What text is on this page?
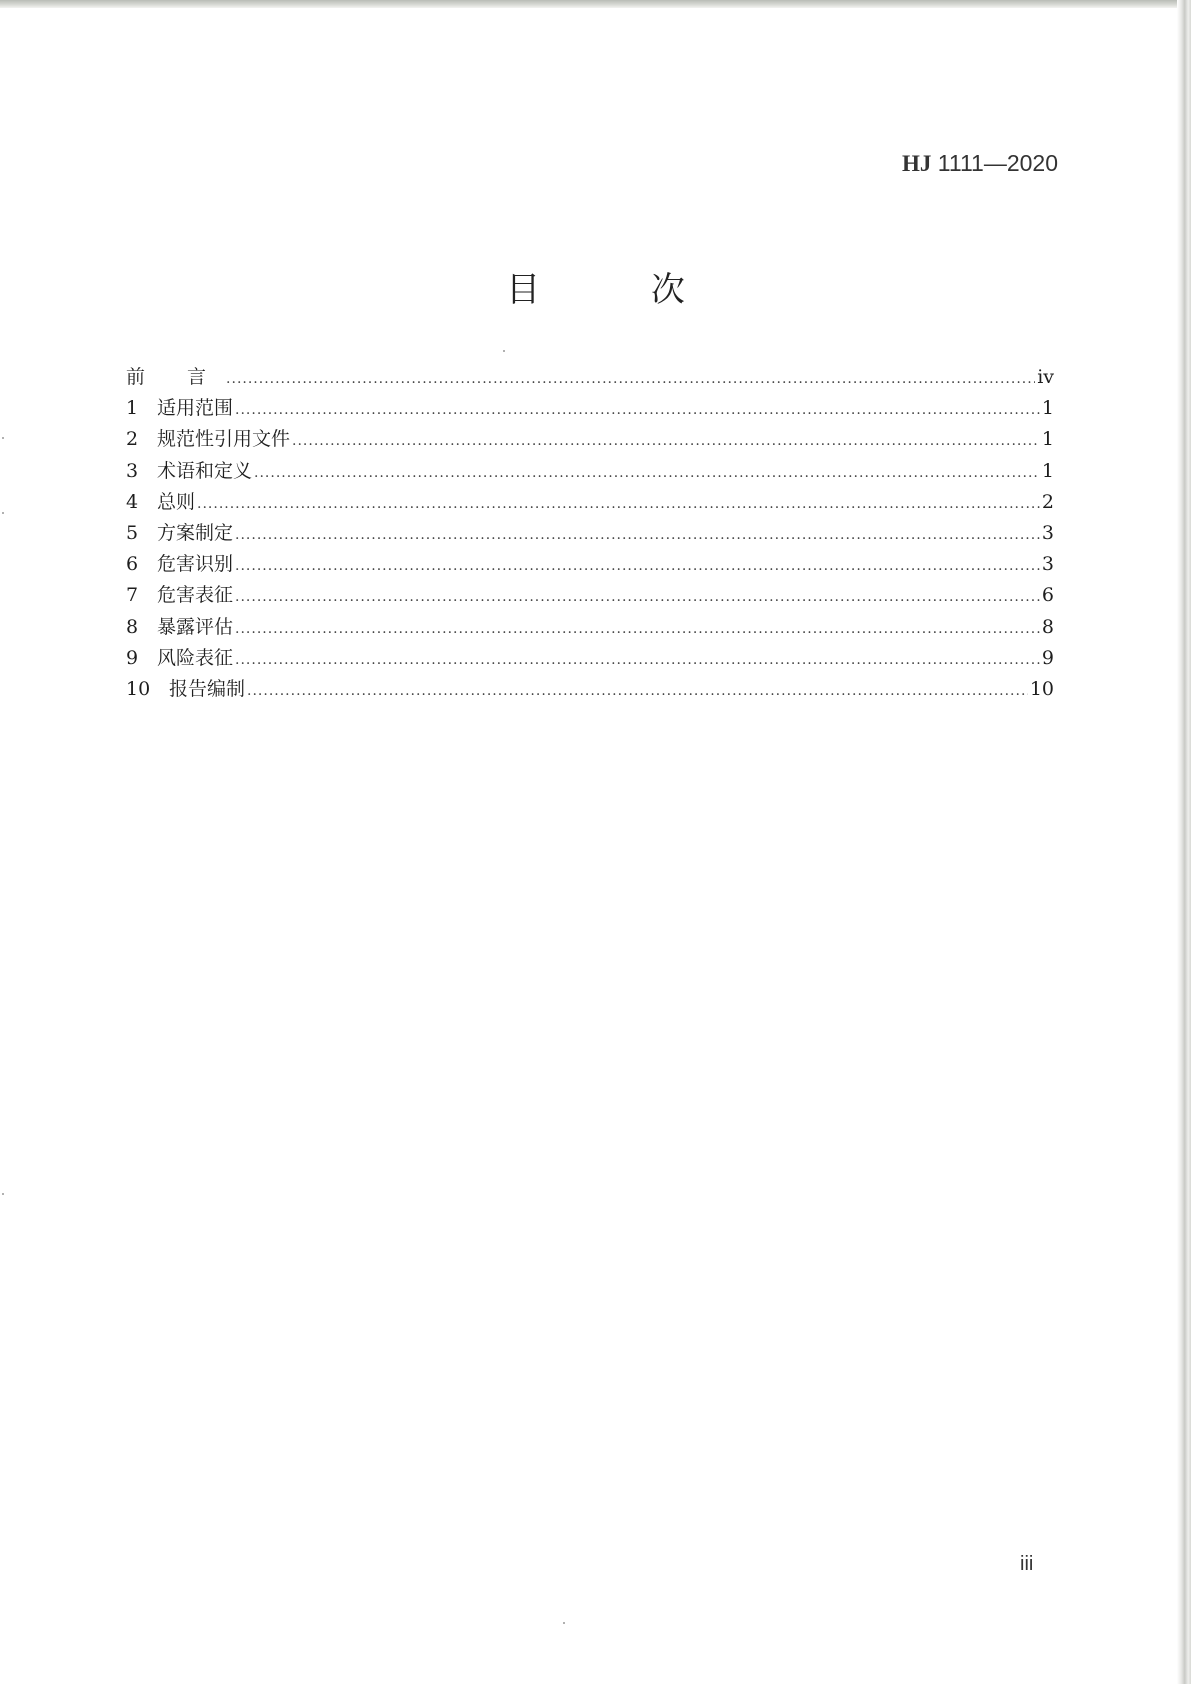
HJ 1111—2020
目 次
前 言 .....	iv
1 适用范围 .....	1
2 规范性引用文件 .....	1
3 术语和定义 .....	1
4 总则 .....	2
5 方案制定 .....	3
6 危害识别 .....	3
7 危害表征 .....	6
8 暴露评估 .....	8
9 风险表征 .....	9
10 报告编制 .....	10
iii
